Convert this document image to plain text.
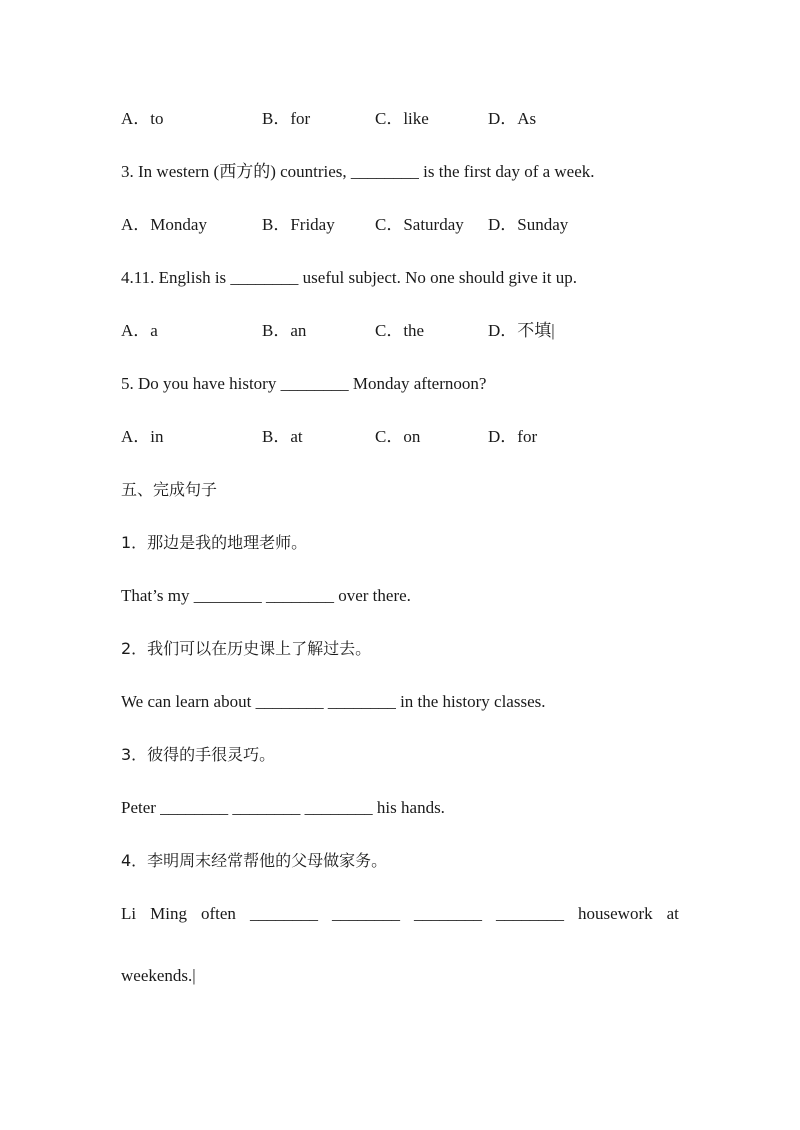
A．to	B．for	C．like	D．As
3. In western (西方的) countries, ________ is the first day of a week.
A．Monday	B．Friday C．Saturday D．Sunday
4.11. English is ________ useful subject. No one should give it up.
A．a	B．an	C．the	D．不填|
5. Do you have history ________ Monday afternoon?
A．in	B．at	C．on	D．for
五、完成句子
1．那边是我的地理老师。
That’s my ________ ________ over there.
2．我们可以在历史课上了解过去。
We can learn about ________ ________ in the history classes.
3．彼得的手很灵巧。
Peter ________ ________ ________ his hands.
4．李明周末经常帮他的父母做家务。
Li Ming often ________ ________ ________ ________ housework at
weekends.|
